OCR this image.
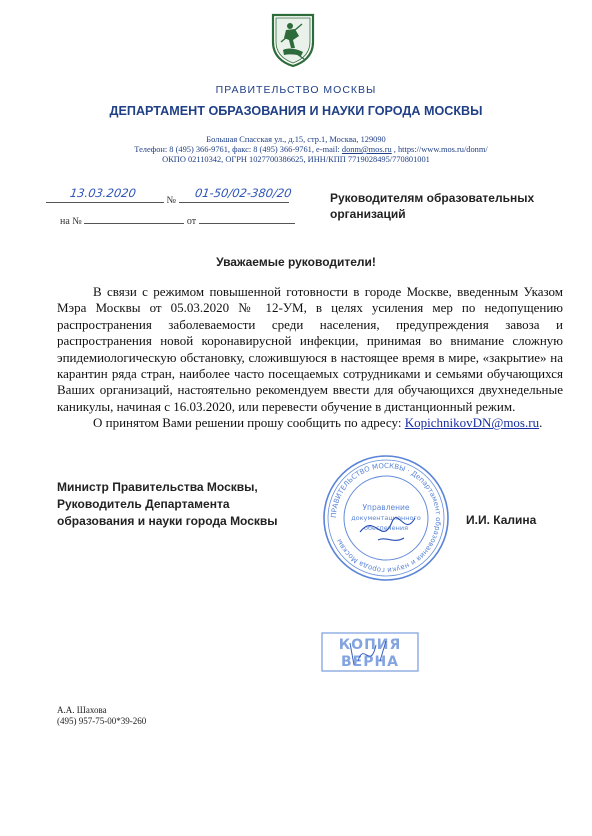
ПРАВИТЕЛЬСТВО МОСКВЫ
ДЕПАРТАМЕНТ ОБРАЗОВАНИЯ И НАУКИ ГОРОДА МОСКВЫ
Большая Спасская ул., д.15, стр.1, Москва, 129090
Телефон: 8 (495) 366-9761, факс: 8 (495) 366-9761, e-mail: donm@mos.ru , https://www.mos.ru/donm/
ОКПО 02110342, ОГРН 1027700386625, ИНН/КПП 7719028495/770801001
13.03.2020	01-50/02-380/20
№
на №	от
Руководителям образовательных организаций
Уважаемые руководители!

В связи с режимом повышенной готовности в городе Москве, введенным Указом Мэра Москвы от 05.03.2020 № 12-УМ, в целях усиления мер по недопущению распространения заболеваемости среди населения, предупреждения завоза и распространения новой коронавирусной инфекции, принимая во внимание сложную эпидемиологическую обстановку, сложившуюся в настоящее время в мире, «закрытие» на карантин ряда стран, наиболее часто посещаемых сотрудниками и семьями обучающихся Ваших организаций, настоятельно рекомендуем ввести для обучающихся двухнедельные каникулы, начиная с 16.03.2020, или перевести обучение в дистанционный режим.

О принятом Вами решении прошу сообщить по адресу: KopichnikovDN@mos.ru.

Министр Правительства Москвы,
Руководитель Департамента
образования и науки города Москвы	И.И. Калина
ПРАВИТЕЛЬСТВО МОСКВЫ · Департамент образования и науки города Москвы
Управление
документационного
обеспечения
КОПИЯ
ВЕРНА
А.А. Шахова
(495) 957-75-00*39-260
